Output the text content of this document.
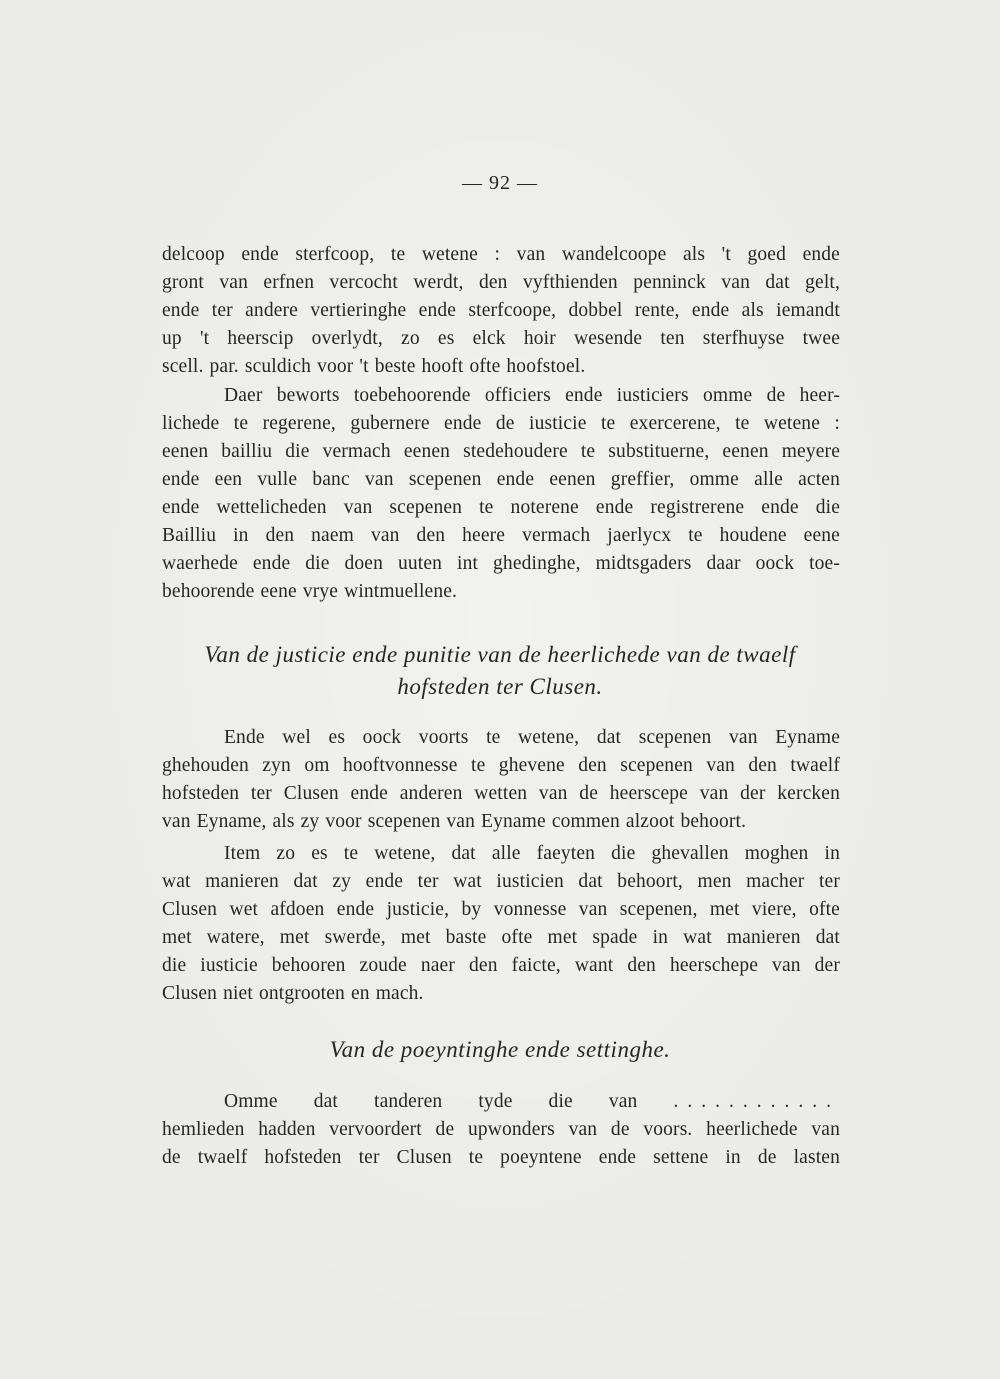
— 92 —
delcoop ende sterfcoop, te wetene : van wandelcoope als 't goed ende
gront van erfnen vercocht werdt, den vyfthienden penninck van dat gelt,
ende ter andere vertieringhe ende sterfcoope, dobbel rente, ende als iemandt
up 't heerscip overlydt, zo es elck hoir wesende ten sterfhuyse twee
scell. par. sculdich voor 't beste hooft ofte hoofstoel.
Daer beworts toebehoorende officiers ende iusticiers omme de heer-
lichede te regerene, gubernere ende de iusticie te exercerene, te wetene :
eenen bailliu die vermach eenen stedehoudere te substituerne, eenen meyere
ende een vulle banc van scepenen ende eenen greffier, omme alle acten
ende wettelicheden van scepenen te noterene ende registrerene ende die
Bailliu in den naem van den heere vermach jaerlycx te houdene eene
waerhede ende die doen uuten int ghedinghe, midtsgaders daar oock toe-
behoorende eene vrye wintmuellene.
Van de justicie ende punitie van de heerlichede van de twaelf
hofsteden ter Clusen.
Ende wel es oock voorts te wetene, dat scepenen van Eyname
ghehouden zyn om hooftvonnesse te ghevene den scepenen van den twaelf
hofsteden ter Clusen ende anderen wetten van de heerscepe van der kercken
van Eyname, als zy voor scepenen van Eyname commen alzoot behoort.
Item zo es te wetene, dat alle faeyten die ghevallen moghen in
wat manieren dat zy ende ter wat iusticien dat behoort, men macher ter
Clusen wet afdoen ende justicie, by vonnesse van scepenen, met viere, ofte
met watere, met swerde, met baste ofte met spade in wat manieren dat
die iusticie behooren zoude naer den faicte, want den heerschepe van der
Clusen niet ontgrooten en mach.
Van de poeyntinghe ende settinghe.
Omme dat tanderen tyde die van ............
hemlieden hadden vervoordert de upwonders van de voors. heerlichede van
de twaelf hofsteden ter Clusen te poeyntene ende settene in de lasten
